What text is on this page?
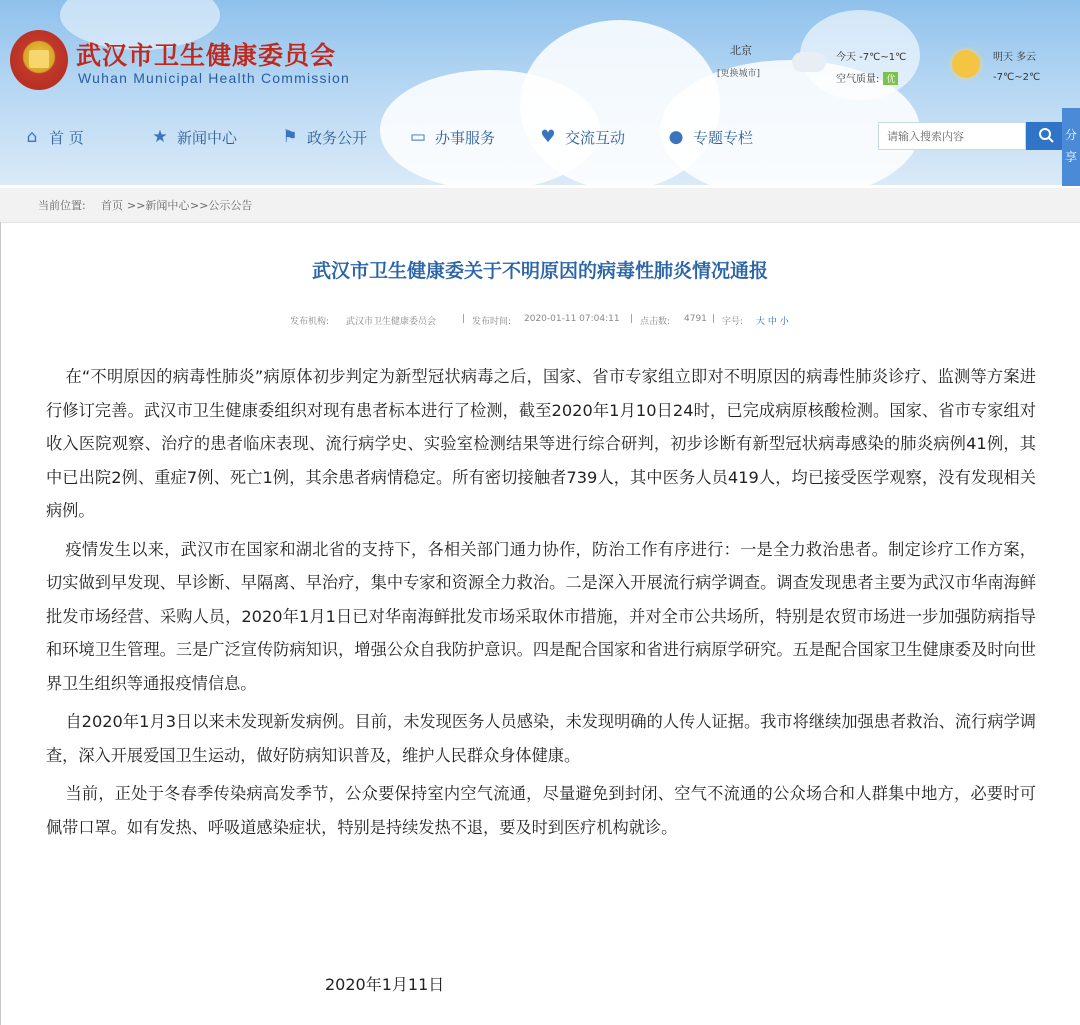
武汉市卫生健康委员会
Wuhan Municipal Health Commission
北京
[更换城市]
今天 -7℃~1℃
空气质量: 优
明天 多云
-7℃~2℃
⌂ 首 页	★ 新闻中心	⚑ 政务公开	▭ 办事服务	♥ 交流互动	● 专题专栏	请输入搜索内容	分
享
当前位置: 首页 >>新闻中心 >>公示公告
武汉市卫生健康委关于不明原因的病毒性肺炎情况通报
发布机构: 武汉市卫生健康委员会	| 发布时间: 2020-01-11 07:04:11 | 点击数: 4791 | 字号: 大 中 小

在“不明原因的病毒性肺炎”病原体初步判定为新型冠状病毒之后，国家、省市专家组立即对不明原因的病毒性肺炎诊疗、监测等方案进行修订完善。武汉市卫生健康委组织对现有患者标本进行了检测，截至2020年1月10日24时，已完成病原核酸检测。国家、省市专家组对收入医院观察、治疗的患者临床表现、流行病学史、实验室检测结果等进行综合研判，初步诊断有新型冠状病毒感染的肺炎病例41例，其中已出院2例、重症7例、死亡1例，其余患者病情稳定。所有密切接触者739人，其中医务人员419人，均已接受医学观察，没有发现相关病例。

疫情发生以来，武汉市在国家和湖北省的支持下，各相关部门通力协作，防治工作有序进行：一是全力救治患者。制定诊疗工作方案，切实做到早发现、早诊断、早隔离、早治疗，集中专家和资源全力救治。二是深入开展流行病学调查。调查发现患者主要为武汉市华南海鲜批发市场经营、采购人员，2020年1月1日已对华南海鲜批发市场采取休市措施，并对全市公共场所，特别是农贸市场进一步加强防病指导和环境卫生管理。三是广泛宣传防病知识，增强公众自我防护意识。四是配合国家和省进行病原学研究。五是配合国家卫生健康委及时向世界卫生组织等通报疫情信息。

自2020年1月3日以来未发现新发病例。目前，未发现医务人员感染，未发现明确的人传人证据。我市将继续加强患者救治、流行病学调查，深入开展爱国卫生运动，做好防病知识普及，维护人民群众身体健康。

当前，正处于冬春季传染病高发季节，公众要保持室内空气流通，尽量避免到封闭、空气不流通的公众场合和人群集中地方，必要时可佩带口罩。如有发热、呼吸道感染症状，特别是持续发热不退，要及时到医疗机构就诊。

2020年1月11日
